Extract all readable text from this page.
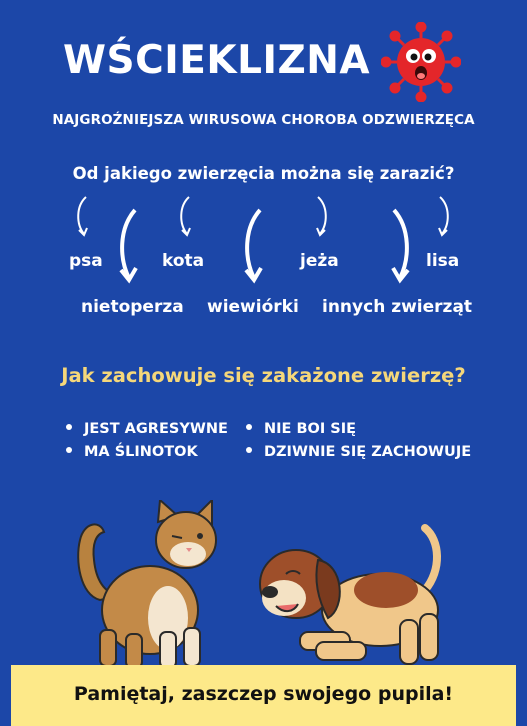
WŚCIEKLIZNA
NAJGROŹNIEJSZA WIRUSOWA CHOROBA ODZWIERZĘCA
Od jakiego zwierzęcia można się zarazić?
psa	kota	jeża	lisa
nietoperza wiewiórki innych zwierząt
Jak zachowuje się zakażone zwierzę?
JEST AGRESYWNE
MA ŚLINOTOK
NIE BOI SIĘ
DZIWNIE SIĘ ZACHOWUJE
Pamiętaj, zaszczep swojego pupila!
